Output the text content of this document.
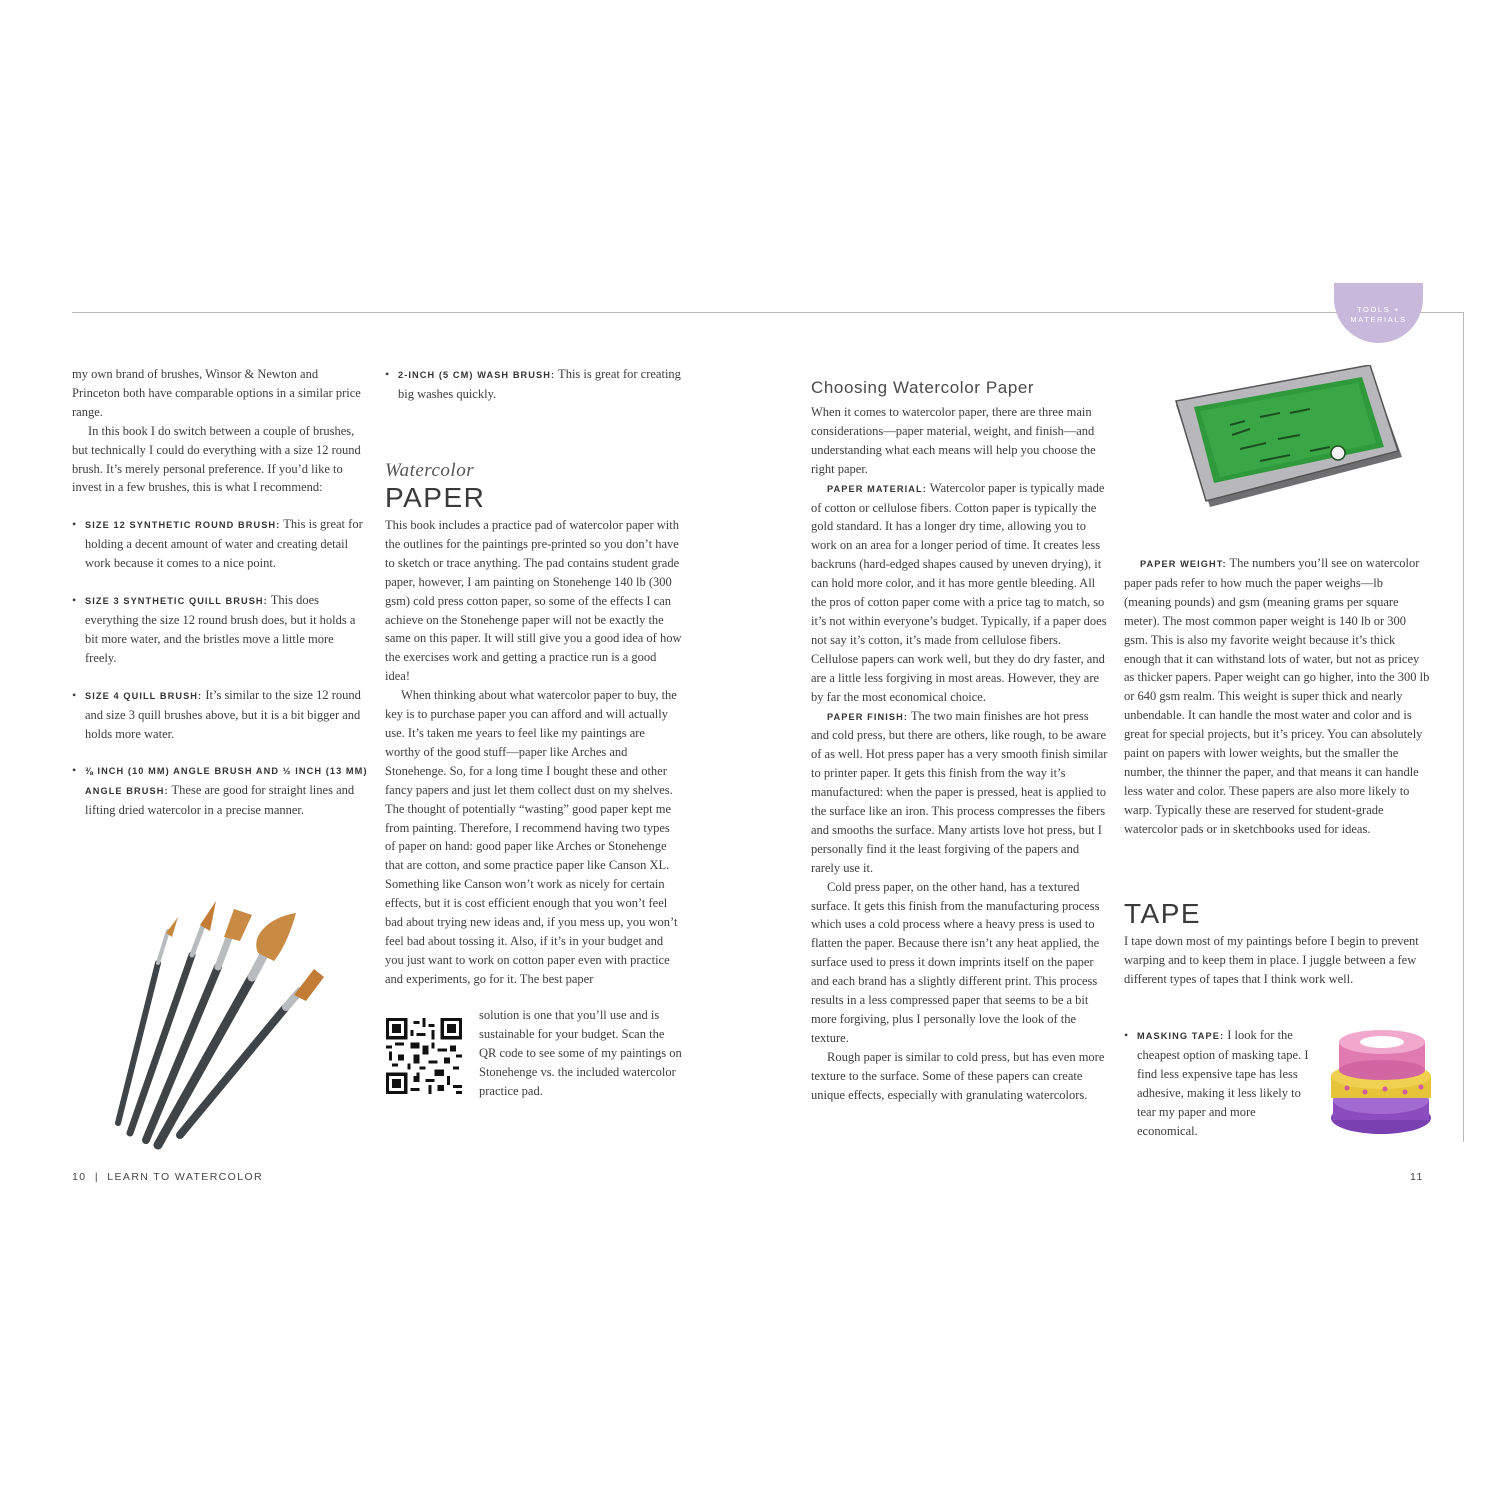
TOOLS +
MATERIALS

my own brand of brushes, Winsor & Newton and Princeton both have comparable options in a similar price range.

In this book I do switch between a couple of brushes, but technically I could do everything with a size 12 round brush. It’s merely personal preference. If you’d like to invest in a few brushes, this is what I recommend:

• SIZE 12 SYNTHETIC ROUND BRUSH: This is great for holding a decent amount of water and creating detail work because it comes to a nice point.

• SIZE 3 SYNTHETIC QUILL BRUSH: This does everything the size 12 round brush does, but it holds a bit more water, and the bristles move a little more freely.

• SIZE 4 QUILL BRUSH: It’s similar to the size 12 round and size 3 quill brushes above, but it is a bit bigger and holds more water.

• ⅜ INCH (10 MM) ANGLE BRUSH AND ½ INCH (13 MM) ANGLE BRUSH: These are good for straight lines and lifting dried watercolor in a precise manner.

• 2-INCH (5 CM) WASH BRUSH: This is great for creating big washes quickly.

Watercolor
PAPER

This book includes a practice pad of watercolor paper with the outlines for the paintings pre-printed so you don’t have to sketch or trace anything. The pad contains student grade paper, however, I am painting on Stonehenge 140 lb (300 gsm) cold press cotton paper, so some of the effects I can achieve on the Stonehenge paper will not be exactly the same on this paper. It will still give you a good idea of how the exercises work and getting a practice run is a good idea!

When thinking about what watercolor paper to buy, the key is to purchase paper you can afford and will actually use. It’s taken me years to feel like my paintings are worthy of the good stuff—paper like Arches and Stonehenge. So, for a long time I bought these and other fancy papers and just let them collect dust on my shelves. The thought of potentially “wasting” good paper kept me from painting. Therefore, I recommend having two types of paper on hand: good paper like Arches or Stonehenge that are cotton, and some practice paper like Canson XL. Something like Canson won’t work as nicely for certain effects, but it is cost efficient enough that you won’t feel bad about trying new ideas and, if you mess up, you won’t feel bad about tossing it. Also, if it’s in your budget and you just want to work on cotton paper even with practice and experiments, go for it. The best paper

solution is one that you’ll use and is sustainable for your budget. Scan the QR code to see some of my paintings on Stonehenge vs. the included watercolor practice pad.

Choosing Watercolor Paper

When it comes to watercolor paper, there are three main considerations—paper material, weight, and finish—and understanding what each means will help you choose the right paper.

PAPER MATERIAL: Watercolor paper is typically made of cotton or cellulose fibers. Cotton paper is typically the gold standard. It has a longer dry time, allowing you to work on an area for a longer period of time. It creates less backruns (hard-edged shapes caused by uneven drying), it can hold more color, and it has more gentle bleeding. All the pros of cotton paper come with a price tag to match, so it’s not within everyone’s budget. Typically, if a paper does not say it’s cotton, it’s made from cellulose fibers. Cellulose papers can work well, but they do dry faster, and are a little less forgiving in most areas. However, they are by far the most economical choice.

PAPER FINISH: The two main finishes are hot press and cold press, but there are others, like rough, to be aware of as well. Hot press paper has a very smooth finish similar to printer paper. It gets this finish from the way it’s manufactured: when the paper is pressed, heat is applied to the surface like an iron. This process compresses the fibers and smooths the surface. Many artists love hot press, but I personally find it the least forgiving of the papers and rarely use it.

Cold press paper, on the other hand, has a textured surface. It gets this finish from the manufacturing process which uses a cold process where a heavy press is used to flatten the paper. Because there isn’t any heat applied, the surface used to press it down imprints itself on the paper and each brand has a slightly different print. This process results in a less compressed paper that seems to be a bit more forgiving, plus I personally love the look of the texture.

Rough paper is similar to cold press, but has even more texture to the surface. Some of these papers can create unique effects, especially with granulating watercolors.

PAPER WEIGHT: The numbers you’ll see on watercolor paper pads refer to how much the paper weighs—lb (meaning pounds) and gsm (meaning grams per square meter). The most common paper weight is 140 lb or 300 gsm. This is also my favorite weight because it’s thick enough that it can withstand lots of water, but not as pricey as thicker papers. Paper weight can go higher, into the 300 lb or 640 gsm realm. This weight is super thick and nearly unbendable. It can handle the most water and color and is great for special projects, but it’s pricey. You can absolutely paint on papers with lower weights, but the smaller the number, the thinner the paper, and that means it can handle less water and color. These papers are also more likely to warp. Typically these are reserved for student-grade watercolor pads or in sketchbooks used for ideas.

TAPE

I tape down most of my paintings before I begin to prevent warping and to keep them in place. I juggle between a few different types of tapes that I think work well.

• MASKING TAPE: I look for the cheapest option of masking tape. I find less expensive tape has less adhesive, making it less likely to tear my paper and more economical.

10 | LEARN TO WATERCOLOR	11
